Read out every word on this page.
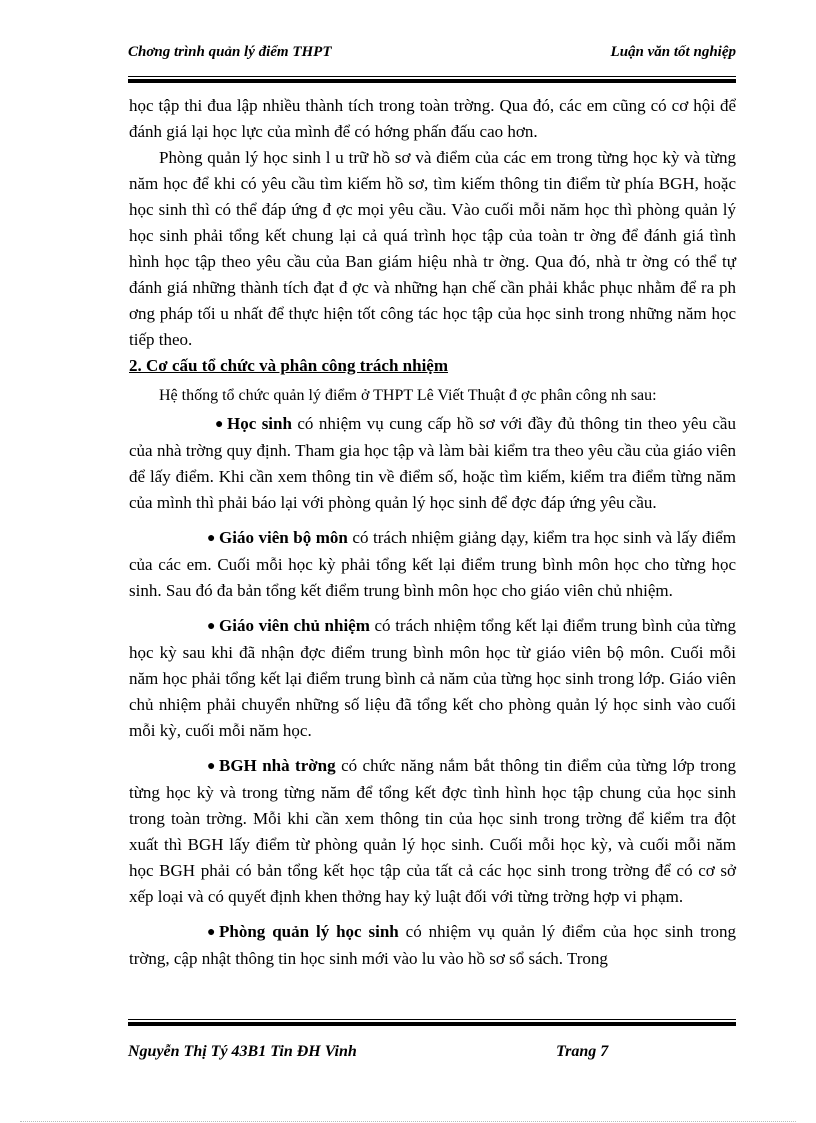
Chơng trình quản lý điểm THPT	Luận văn tốt nghiệp

học tập thi đua lập nhiều thành tích trong toàn trờng. Qua đó, các em cũng có cơ hội để đánh giá lại học lực của mình để có hớng phấn đấu cao hơn.

Phòng quản lý học sinh l u trữ hồ sơ và điểm của các em trong từng học kỳ và từng năm học để khi có yêu cầu tìm kiếm hồ sơ, tìm kiếm thông tin điểm từ phía BGH, hoặc học sinh thì có thể đáp ứng đ ợc mọi yêu cầu. Vào cuối mỗi năm học thì phòng quản lý học sinh phải tổng kết chung lại cả quá trình học tập của toàn tr ờng để đánh giá tình hình học tập theo yêu cầu của Ban giám hiệu nhà tr ờng. Qua đó, nhà tr ờng có thể tự đánh giá những thành tích đạt đ ợc và những hạn chế cần phải khắc phục nhằm để ra ph ơng pháp tối u nhất để thực hiện tốt công tác học tập của học sinh trong những năm học tiếp theo.

2. Cơ cấu tổ chức và phân công trách nhiệm

Hệ thống tổ chức quản lý điểm ở THPT Lê Viết Thuật đ ợc phân công nh sau:

● Học sinh có nhiệm vụ cung cấp hồ sơ với đầy đủ thông tin theo yêu cầu của nhà trờng quy định. Tham gia học tập và làm bài kiểm tra theo yêu cầu của giáo viên để lấy điểm. Khi cần xem thông tin về điểm số, hoặc tìm kiếm, kiểm tra điểm từng năm của mình thì phải báo lại với phòng quản lý học sinh để đợc đáp ứng yêu cầu.

● Giáo viên bộ môn có trách nhiệm giảng dạy, kiểm tra học sinh và lấy điểm của các em. Cuối mỗi học kỳ phải tổng kết lại điểm trung bình môn học cho từng học sinh. Sau đó đa bản tổng kết điểm trung bình môn học cho giáo viên chủ nhiệm.

● Giáo viên chủ nhiệm có trách nhiệm tổng kết lại điểm trung bình của từng học kỳ sau khi đã nhận đợc điểm trung bình môn học từ giáo viên bộ môn. Cuối mỗi năm học phải tổng kết lại điểm trung bình cả năm của từng học sinh trong lớp. Giáo viên chủ nhiệm phải chuyển những số liệu đã tổng kết cho phòng quản lý học sinh vào cuối mỗi kỳ, cuối mỗi năm học.

● BGH nhà trờng có chức năng nắm bắt thông tin điểm của từng lớp trong từng học kỳ và trong từng năm để tổng kết đợc tình hình học tập chung của học sinh trong toàn trờng. Mỗi khi cần xem thông tin của học sinh trong trờng để kiểm tra đột xuất thì BGH lấy điểm từ phòng quản lý học sinh. Cuối mỗi học kỳ, và cuối mỗi năm học BGH phải có bản tổng kết học tập của tất cả các học sinh trong trờng để có cơ sở xếp loại và có quyết định khen thởng hay kỷ luật đối với từng trờng hợp vi phạm.

● Phòng quản lý học sinh có nhiệm vụ quản lý điểm của học sinh trong trờng, cập nhật thông tin học sinh mới vào lu vào hồ sơ sổ sách. Trong

Nguyễn Thị Tý 43B1 Tin ĐH Vinh	Trang 7
